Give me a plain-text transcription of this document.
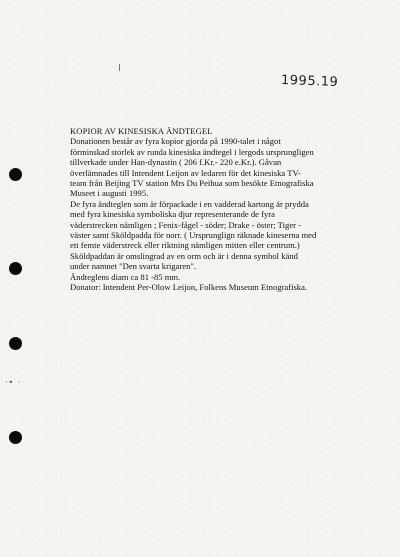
1995.19
·• ·
KOPIOR AV KINESISKA ÄNDTEGEL
Donationen består av fyra kopior gjorda på 1990-talet i något
förminskad storlek av runda kinesiska ändtegel i lergods ursprungligen
tillverkade under Han-dynastin ( 206 f.Kr.- 220 e.Kr.). Gåvan
överlämnades till Intendent Leijon av ledaren för det kinesiska TV-
team från Beijing TV station Mrs Du Peihua som besökte Etnografiska
Museet i augusti 1995.
De fyra ändteglen som är förpackade i en vadderad kartong är prydda
med fyra kinesiska symboliska djur representerande de fyra
väderstrecken nämligen ; Fenix-fågel - söder; Drake - öster; Tiger -
väster samt Sköldpadda för norr. ( Ursprunglign räknade kineserna med
ett femte väderstreck eller riktning nämligen mitten eller centrum.)
Sköldpaddan är omslingrad av en orm och är i denna symbol känd
under namnet "Den svarta krigaren".
Ändteglens diam ca 81 -85 mm.
Donator: Intendent Per-Olow Leijon, Folkens Museum Etnografiska.
